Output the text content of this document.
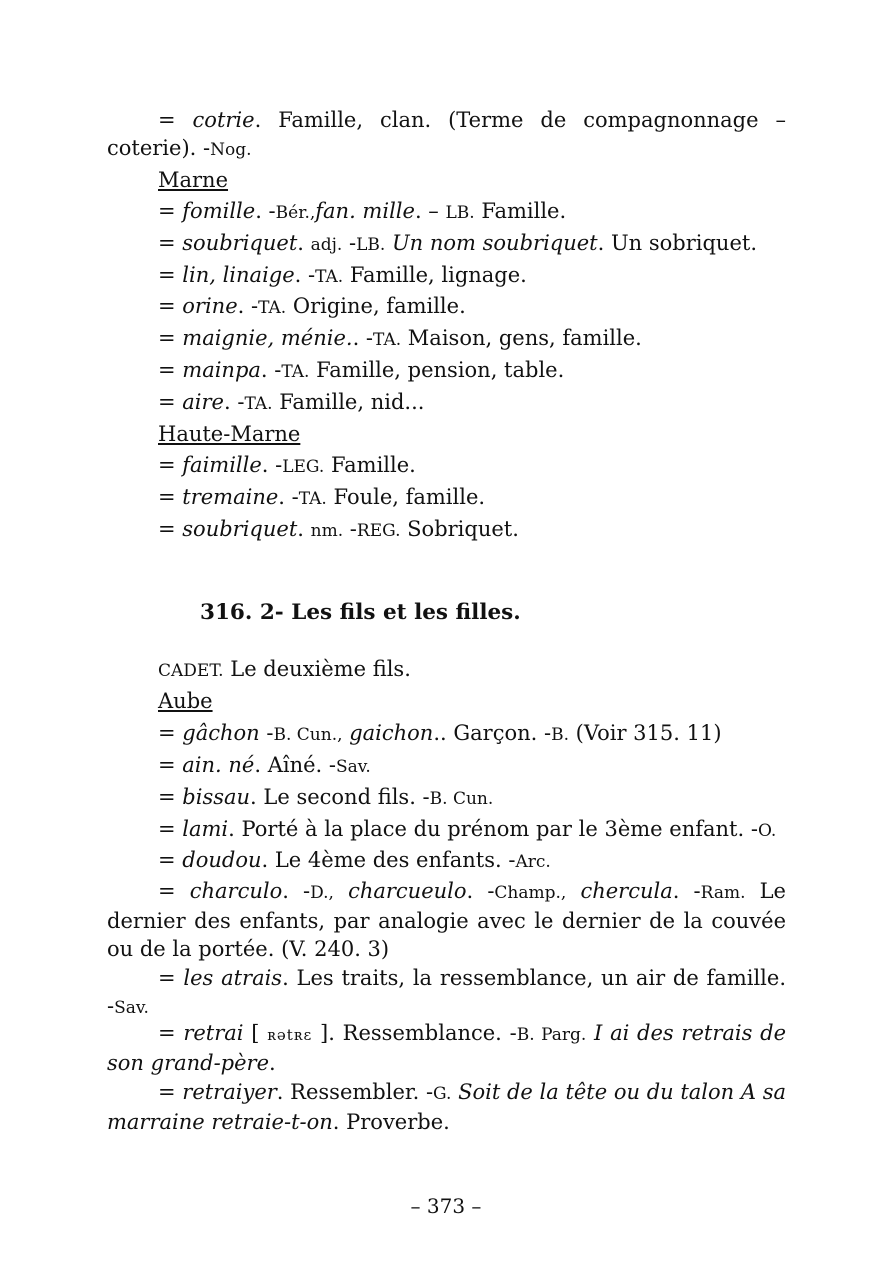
= cotrie. Famille, clan. (Terme de compagnonnage – coterie). -Nog.

Marne

= fomille. -Bér.,fan. mille. – LB. Famille.

= soubriquet. adj. -LB. Un nom soubriquet. Un sobriquet.

= lin, linaige. -TA. Famille, lignage.

= orine. -TA. Origine, famille.

= maignie, ménie.. -TA. Maison, gens, famille.

= mainpa. -TA. Famille, pension, table.

= aire. -TA. Famille, nid...

Haute-Marne

= faimille. -LEG. Famille.

= tremaine. -TA. Foule, famille.

= soubriquet. nm. -REG. Sobriquet.

316. 2- Les fils et les filles.

CADET. Le deuxième fils.

Aube

= gâchon -B. Cun., gaichon.. Garçon. -B. (Voir 315. 11)

= ain. né. Aîné. -Sav.

= bissau. Le second fils. -B. Cun.

= lami. Porté à la place du prénom par le 3ème enfant. -O.

= doudou. Le 4ème des enfants. -Arc.

= charculo. -D., charcueulo. -Champ., chercula. -Ram. Le dernier des enfants, par analogie avec le dernier de la couvée ou de la portée. (V. 240. 3)

= les atrais. Les traits, la ressemblance, un air de famille. -Sav.

= retrai [ ʀǝtʀɛ ]. Ressemblance. -B. Parg. I ai des retrais de son grand-père.

= retraiyer. Ressembler. -G. Soit de la tête ou du talon A sa marraine retraie-t-on. Proverbe.

– 373 –
